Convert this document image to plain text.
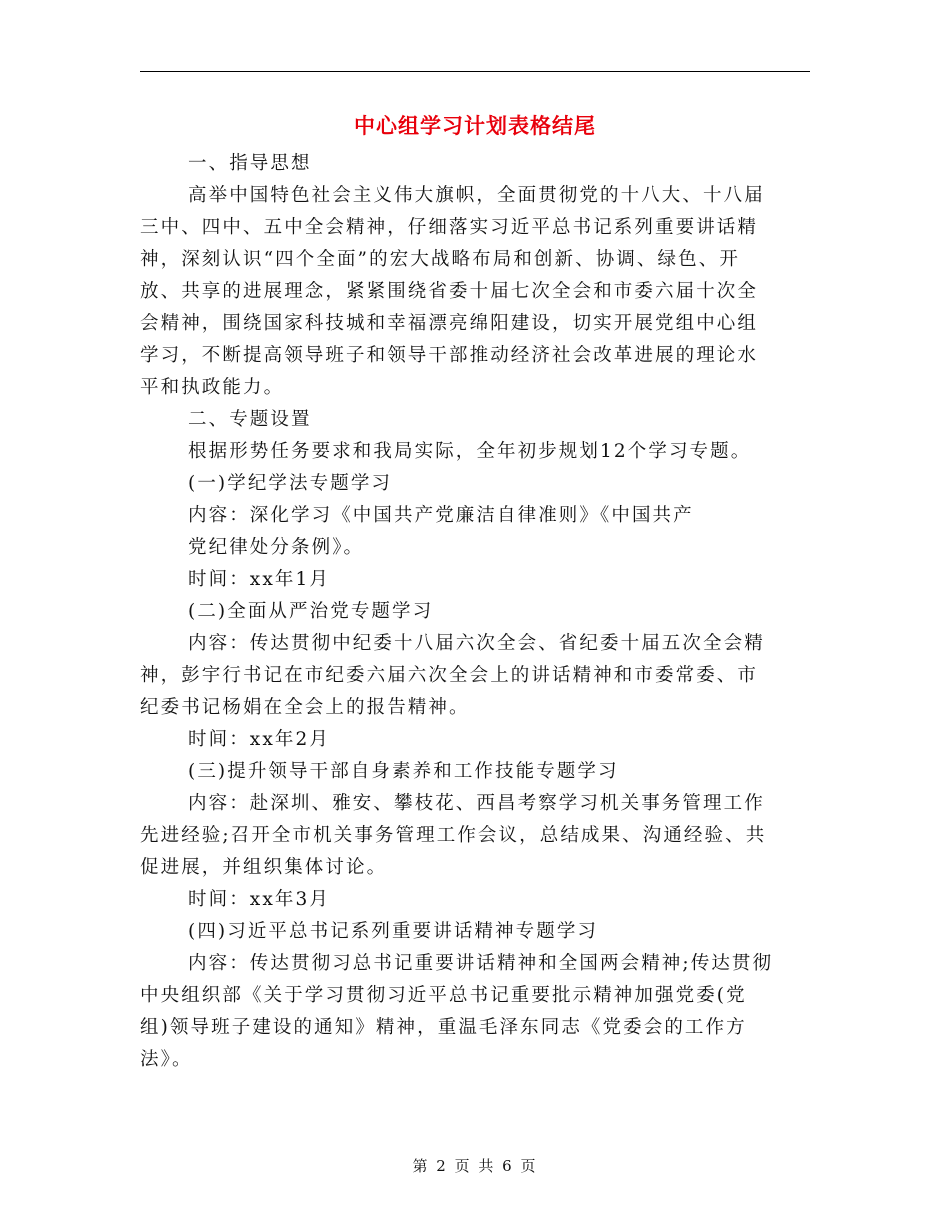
中心组学习计划表格结尾
一、指导思想
高举中国特色社会主义伟大旗帜，全面贯彻党的十八大、十八届
三中、四中、五中全会精神，仔细落实习近平总书记系列重要讲话精
神，深刻认识“四个全面”的宏大战略布局和创新、协调、绿色、开
放、共享的进展理念，紧紧围绕省委十届七次全会和市委六届十次全
会精神，围绕国家科技城和幸福漂亮绵阳建设，切实开展党组中心组
学习，不断提高领导班子和领导干部推动经济社会改革进展的理论水
平和执政能力。
二、专题设置
根据形势任务要求和我局实际，全年初步规划12个学习专题。
(一)学纪学法专题学习
内容：深化学习《中国共产党廉洁自律准则》《中国共产
党纪律处分条例》。
时间：xx年1月
(二)全面从严治党专题学习
内容：传达贯彻中纪委十八届六次全会、省纪委十届五次全会精
神，彭宇行书记在市纪委六届六次全会上的讲话精神和市委常委、市
纪委书记杨娟在全会上的报告精神。
时间：xx年2月
(三)提升领导干部自身素养和工作技能专题学习
内容：赴深圳、雅安、攀枝花、西昌考察学习机关事务管理工作
先进经验;召开全市机关事务管理工作会议，总结成果、沟通经验、共
促进展，并组织集体讨论。
时间：xx年3月
(四)习近平总书记系列重要讲话精神专题学习
内容：传达贯彻习总书记重要讲话精神和全国两会精神;传达贯彻
中央组织部《关于学习贯彻习近平总书记重要批示精神加强党委(党
组)领导班子建设的通知》精神，重温毛泽东同志《党委会的工作方
法》。
第 2 页 共 6 页
